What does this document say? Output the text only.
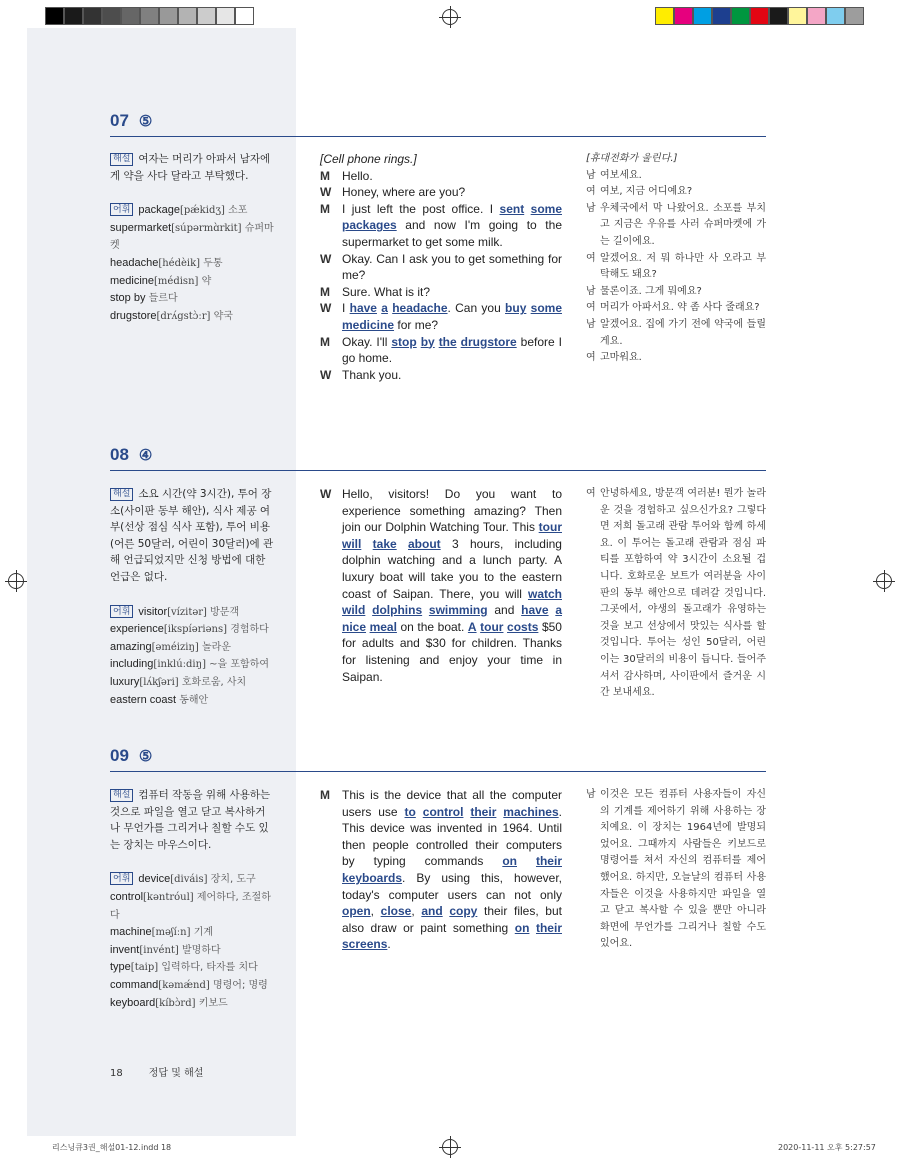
07 ⑤
해설 여자는 머리가 아파서 남자에게 약을 사다 달라고 부탁했다.
어휘 package[pǽkidʒ] 소포
supermarket[súpərmɑ̀rkit] 슈퍼마켓
headache[hédèik] 두통
medicine[médisn] 약
stop by 들르다
drugstore[drʌ́gstɔ̀ːr] 약국
[Cell phone rings.]
M	Hello.
W Honey, where are you?
M	I just left the post office. I sent some packages and now I'm going to the supermarket to get some milk.
W Okay. Can I ask you to get something for me?
M	Sure. What is it?
W I have a headache. Can you buy some medicine for me?
M	Okay. I'll stop by the drugstore before I go home.
W Thank you.
[휴대전화가 울린다.]
남 여보세요.
여 여보, 지금 어디예요?
남 우체국에서 막 나왔어요. 소포를 부치고 지금은 우유를 사러 슈퍼마켓에 가는 길이에요.
여 알겠어요. 저 뭐 하나만 사 오라고 부탁해도 돼요?
남 물론이죠. 그게 뭐예요?
여 머리가 아파서요. 약 좀 사다 줄래요?
남 알겠어요. 집에 가기 전에 약국에 들릴게요.
여 고마워요.
08 ④
해설 소요 시간(약 3시간), 투어 장소(사이판 동부 해안), 식사 제공 여부(선상 점심 식사 포함), 투어 비용(어른 50달러, 어린이 30달러)에 관해 언급되었지만 신청 방법에 대한 언급은 없다.
어휘 visitor[vízitər] 방문객
experience[ikspíəriəns] 경험하다
amazing[əméiziŋ] 놀라운
including[inklúːdiŋ] ~을 포함하여
luxury[lʌ́kʃəri] 호화로움, 사치
eastern coast 동해안
W Hello, visitors! Do you want to experience something amazing? Then join our Dolphin Watching Tour. This tour will take about 3 hours, including dolphin watching and a lunch party. A luxury boat will take you to the eastern coast of Saipan. There, you will watch wild dolphins swimming and have a nice meal on the boat. A tour costs $50 for adults and $30 for children. Thanks for listening and enjoy your time in Saipan.
여 안녕하세요, 방문객 여러분! 뭔가 놀라운 것을 경험하고 싶으신가요? 그렇다면 저희 돌고래 관람 투어와 함께 하세요. 이 투어는 돌고래 관람과 점심 파티를 포함하여 약 3시간이 소요될 겁니다. 호화로운 보트가 여러분을 사이판의 동부 해안으로 데려갈 것입니다. 그곳에서, 야생의 돌고래가 유영하는 것을 보고 선상에서 맛있는 식사를 할 것입니다. 투어는 성인 50달러, 어린이는 30달러의 비용이 듭니다. 들어주셔서 감사하며, 사이판에서 즐거운 시간 보내세요.
09 ⑤
해설 컴퓨터 작동을 위해 사용하는 것으로 파일을 열고 닫고 복사하거나 무언가를 그리거나 칠할 수도 있는 장치는 마우스이다.
어휘 device[diváis] 장치, 도구
control[kəntróul] 제어하다, 조절하다
machine[məʃíːn] 기계
invent[invént] 발명하다
type[taip] 입력하다, 타자를 치다
command[kəmǽnd] 명령어; 명령
keyboard[kíbɔ̀rd] 키보드
M	This is the device that all the computer users use to control their machines. This device was invented in 1964. Until then people controlled their computers by typing commands on their keyboards. By using this, however, today's computer users can not only open, close, and copy their files, but also draw or paint something on their screens.
남 이것은 모든 컴퓨터 사용자들이 자신의 기계를 제어하기 위해 사용하는 장치예요. 이 장치는 1964년에 발명되었어요. 그때까지 사람들은 키보드로 명령어를 쳐서 자신의 컴퓨터를 제어했어요. 하지만, 오늘날의 컴퓨터 사용자들은 이것을 사용하지만 파일을 열고 닫고 복사할 수 있을 뿐만 아니라 화면에 무언가를 그리거나 칠할 수도 있어요.
18	정답 및 해설
리스닝큐3권_해설01-12.indd 18	2020-11-11 오후 5:27:57
